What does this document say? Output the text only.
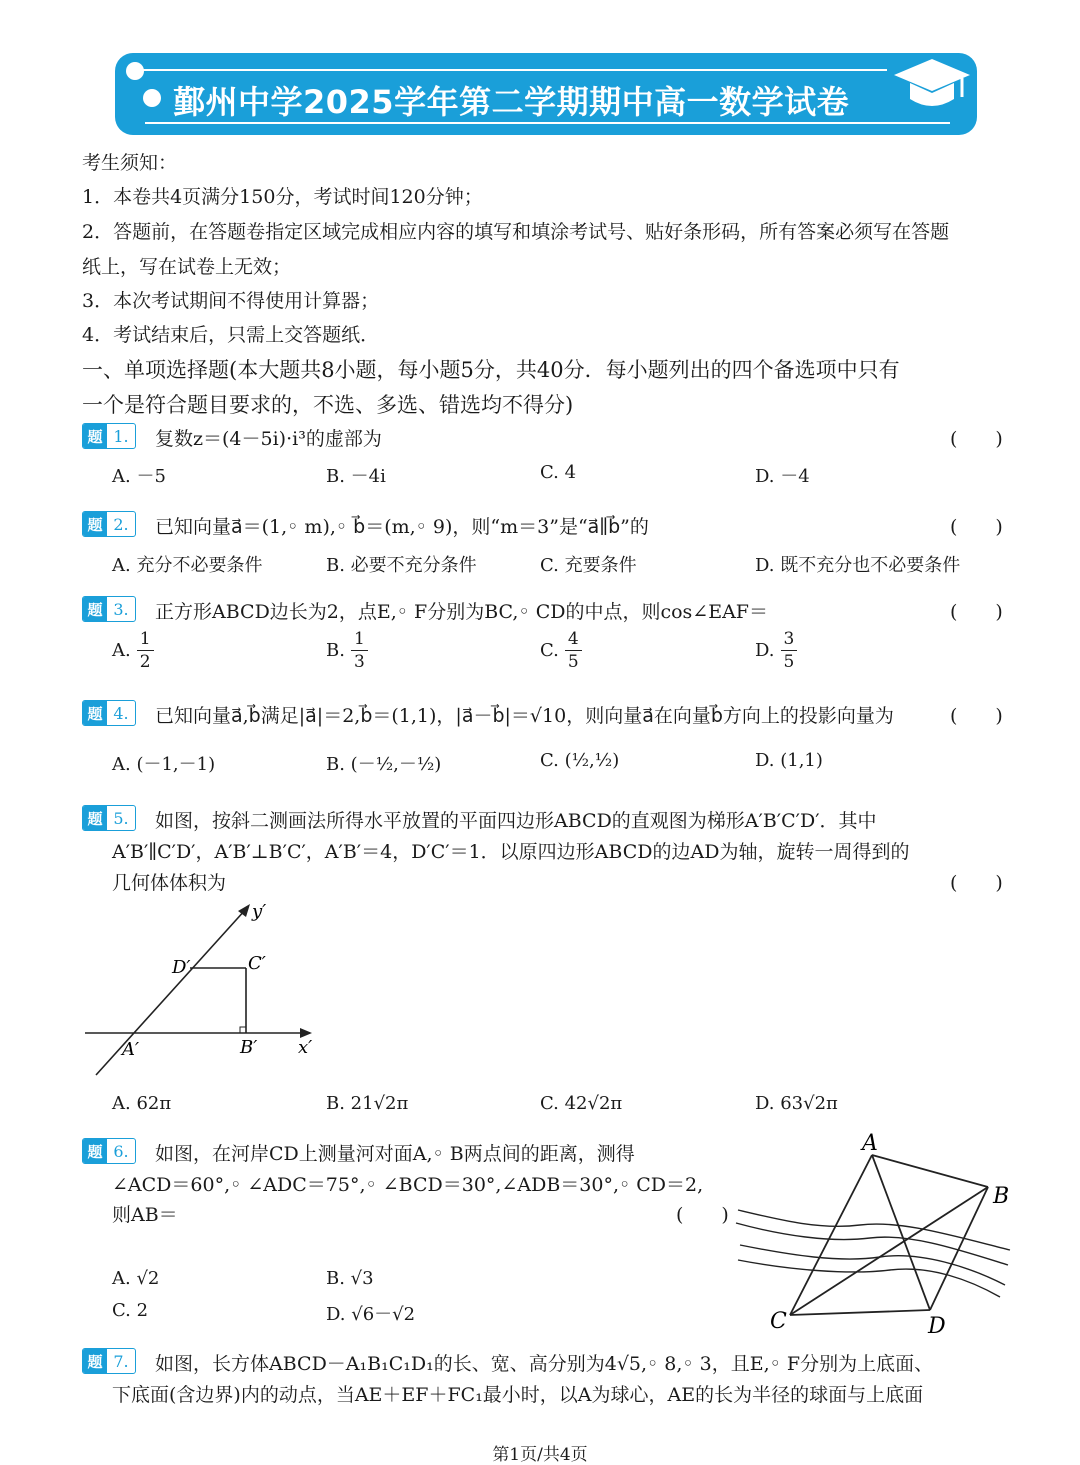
鄞州中学2025学年第二学期期中高一数学试卷
考生须知：
1．本卷共4页满分150分，考试时间120分钟；
2．答题前，在答题卷指定区域完成相应内容的填写和填涂考试号、贴好条形码，所有答案必须写在答题
纸上，写在试卷上无效；
3．本次考试期间不得使用计算器；
4．考试结束后，只需上交答题纸．
一、单项选择题(本大题共8小题，每小题5分，共40分．每小题列出的四个备选项中只有
一个是符合题目要求的，不选、多选、错选均不得分)
题 1.	复数z＝(4－5i)·i³的虚部为	(　　)
A. －5	B. －4i	C. 4	D. －4
题 2.	已知向量a⃗＝(1,◦ m),◦ b⃗＝(m,◦ 9)，则“m＝3”是“a⃗∥b⃗”的	(　　)
A. 充分不必要条件	B. 必要不充分条件	C. 充要条件	D. 既不充分也不必要条件
题 3.	正方形ABCD边长为2，点E,◦ F分别为BC,◦ CD的中点，则cos∠EAF＝	(　　)
A. $\frac{1}{2}$	B. $\frac{1}{3}$	C. $\frac{4}{5}$	D. $\frac{3}{5}$
题 4.	已知向量a⃗,b⃗满足|a⃗|＝2,b⃗＝(1,1)，|a⃗－b⃗|＝√10，则向量a⃗在向量b⃗方向上的投影向量为	(　　)
A. (－1,－1)	B. (－½,－½)	C. (½,½)	D. (1,1)
题 5.	如图，按斜二测画法所得水平放置的平面四边形ABCD的直观图为梯形A′B′C′D′．其中
A′B′∥C′D′，A′B′⊥B′C′，A′B′＝4，D′C′＝1．以原四边形ABCD的边AD为轴，旋转一周得到的
几何体体积为	(　　)
y′
x′
A′	B′
C′
D′
A. 62π	B. 21√2π	C. 42√2π	D. 63√2π
题 6.	如图，在河岸CD上测量河对面A,◦ B两点间的距离，测得
∠ACD＝60°,◦ ∠ADC＝75°,◦ ∠BCD＝30°,∠ADB＝30°,◦ CD＝2,
则AB＝	(　　)
A. √2	B. √3
C. 2	D. √6－√2
A
B
C	D
题 7.	如图，长方体ABCD－A₁B₁C₁D₁的长、宽、高分别为4√5,◦ 8,◦ 3，且E,◦ F分别为上底面、
下底面(含边界)内的动点，当AE＋EF＋FC₁最小时，以A为球心，AE的长为半径的球面与上底面
第1页/共4页
